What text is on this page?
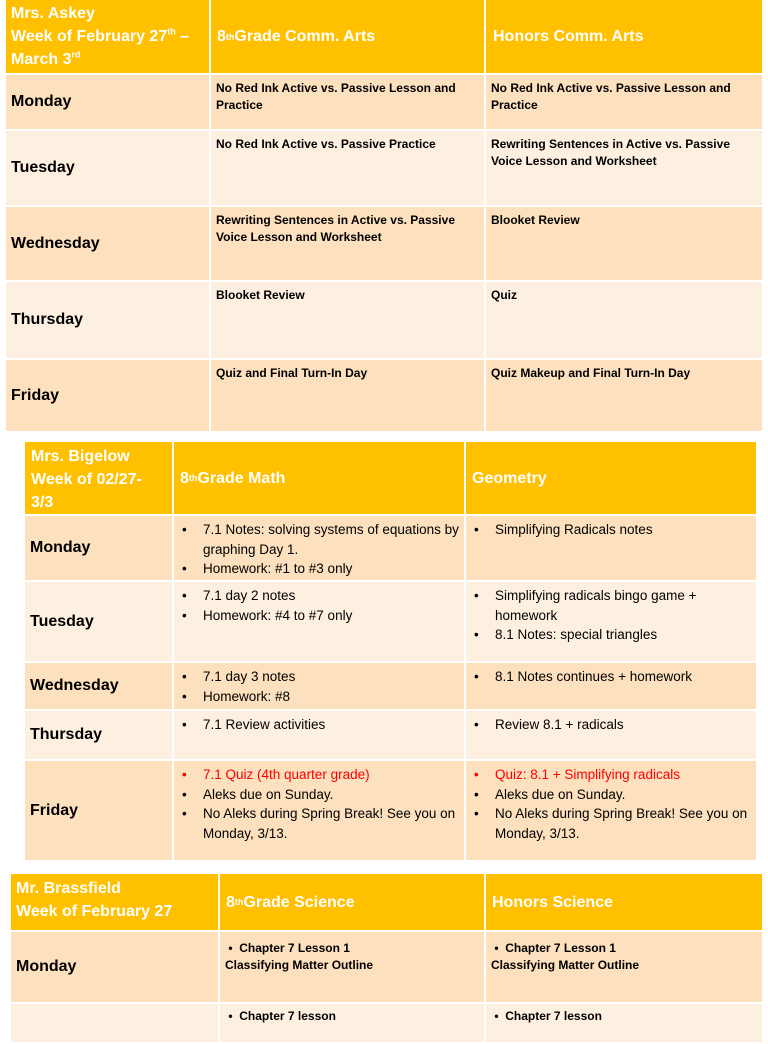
Mrs. Askey
Week of February 27th –
March 3rd
8 th Grade Comm. Arts	Honors Comm. Arts
Monday
No Red Ink Active vs. Passive Lesson and Practice
No Red Ink Active vs. Passive Lesson and Practice
Tuesday
No Red Ink Active vs. Passive Practice	Rewriting Sentences in Active vs. Passive Voice Lesson and Worksheet
Wednesday
Rewriting Sentences in Active vs. Passive Voice Lesson and Worksheet
Blooket Review
Thursday
Blooket Review	Quiz
Friday
Quiz and Final Turn-In Day	Quiz Makeup and Final Turn-In Day
Mrs. Bigelow
Week of 02/27-3/3
8 th Grade Math	Geometry
Monday
• 7.1 Notes: solving systems of equations by graphing Day 1.
• Homework: #1 to #3 only
• Simplifying Radicals notes
Tuesday
• 7.1 day 2 notes
• Homework: #4 to #7 only
• Simplifying radicals bingo game + homework
• 8.1 Notes: special triangles
Wednesday
• 7.1 day 3 notes
• Homework: #8
• 8.1 Notes continues + homework
Thursday
• 7.1 Review activities
•	Review 8.1 + radicals
Friday
• 7.1 Quiz (4th quarter grade)
• Aleks due on Sunday.
• No Aleks during Spring Break! See you on Monday, 3/13.
• Quiz: 8.1 + Simplifying radicals
• Aleks due on Sunday.
• No Aleks during Spring Break! See you on Monday, 3/13.
Mr. Brassfield
Week of February 27
8 th Grade Science	Honors Science
Monday
•  Chapter 7 Lesson 1
Classifying Matter Outline
•  Chapter 7 Lesson 1
Classifying Matter Outline
•  Chapter 7 lesson	•  Chapter 7 lesson
